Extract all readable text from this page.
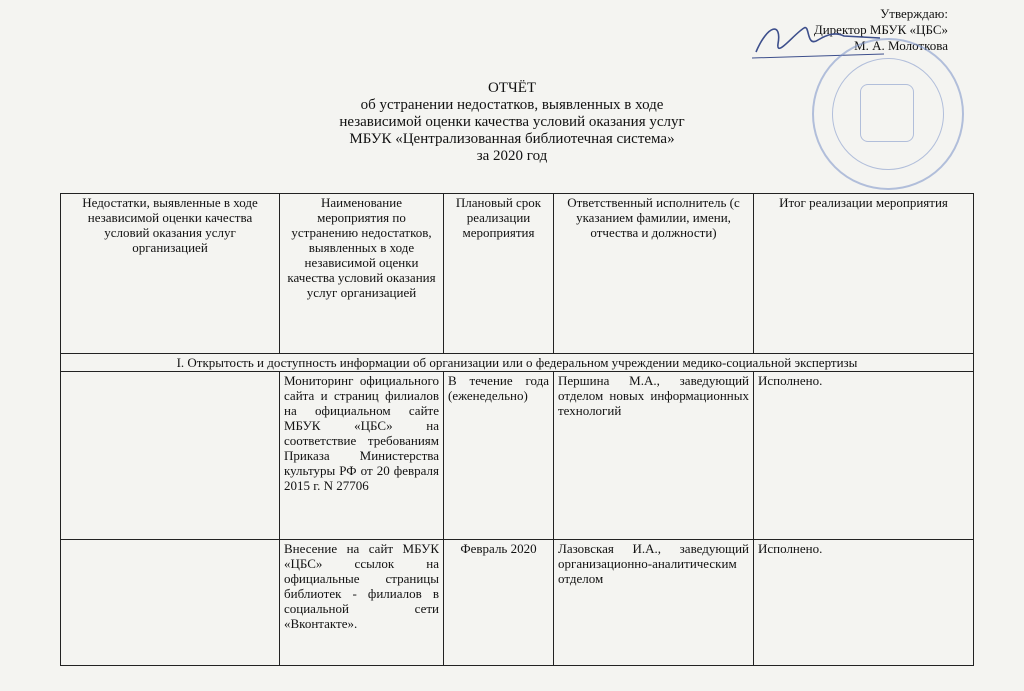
Утверждаю:
Директор МБУК «ЦБС»
М. А. Молоткова
ОТЧЁТ
об устранении недостатков, выявленных в ходе
независимой оценки качества условий оказания услуг
МБУК «Централизованная библиотечная система»
за 2020 год
Недостатки, выявленные в ходе независимой оценки качества условий оказания услуг организацией	Наименование мероприятия по устранению недостатков, выявленных в ходе независимой оценки качества условий оказания услуг организацией	Плановый срок реализации мероприятия	Ответственный исполнитель (с указанием фамилии, имени, отчества и должности)	Итог реализации мероприятия
I. Открытость и доступность информации об организации или о федеральном учреждении медико-социальной экспертизы				
	Мониторинг официального сайта и страниц филиалов на официальном сайте МБУК «ЦБС» на соответствие требованиям Приказа Министерства культуры РФ от 20 февраля 2015 г. N 27706	В течение года (еженедельно)	Першина М.А., заведующий отделом новых информационных технологий	Исполнено.
	Внесение на сайт МБУК «ЦБС» ссылок на официальные страницы библиотек - филиалов в социальной сети «Вконтакте».	Февраль 2020	Лазовская И.А., заведующий организационно-аналитическим отделом	Исполнено.
